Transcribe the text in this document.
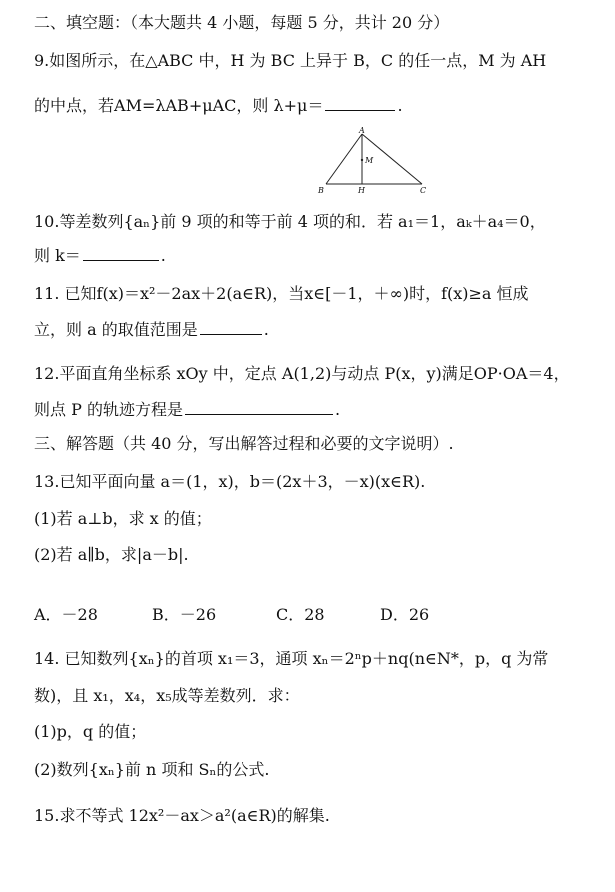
二、填空题：（本大题共 4 小题，每题 5 分，共计 20 分）
9.如图所示，在△ABC 中，H 为 BC 上异于 B，C 的任一点，M 为 AH
的中点，若AM=λAB+μAC，则 λ+μ＝	.
A
M
B	H	C
10.等差数列{aₙ}前 9 项的和等于前 4 项的和．若 a₁＝1，aₖ＋a₄＝0，
则 k＝	.
11. 已知f(x)＝x²－2ax＋2(a∈R)，当x∈[－1，＋∞)时，f(x)≥a 恒成
立，则 a 的取值范围是	.
12.平面直角坐标系 xOy 中，定点 A(1,2)与动点 P(x，y)满足OP·OA＝4，
则点 P 的轨迹方程是	.
三、解答题（共 40 分，写出解答过程和必要的文字说明）.
13.已知平面向量 a＝(1，x)，b＝(2x＋3，－x)(x∈R).
(1)若 a⊥b，求 x 的值；
(2)若 a∥b，求|a－b|.
A．－28	B．－26	C．28	D．26
14. 已知数列{xₙ}的首项 x₁＝3，通项 xₙ＝2ⁿp＋nq(n∈N*，p，q 为常
数)，且 x₁，x₄，x₅成等差数列．求：
(1)p，q 的值；
(2)数列{xₙ}前 n 项和 Sₙ的公式.
15.求不等式 12x²－ax＞a²(a∈R)的解集.
